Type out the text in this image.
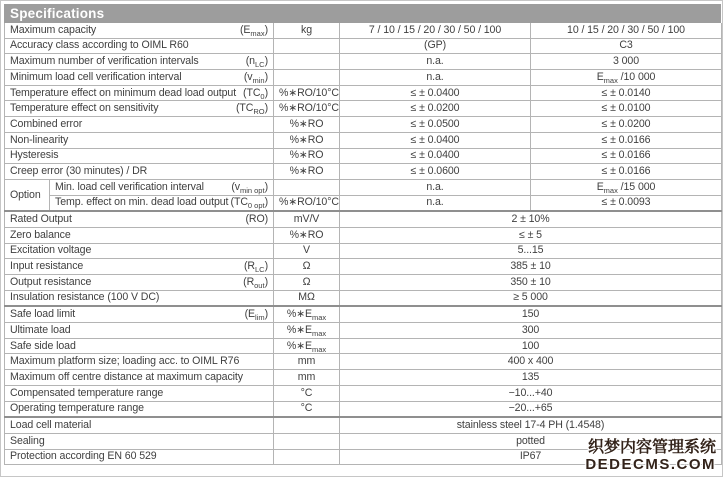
Specifications
Maximum capacity $(E_{max})$		kg	7 / 10 / 15 / 20 / 30 / 50 / 100	10 / 15 / 20 / 30 / 50 / 100

Accuracy class according to OIML R60			(GP)	C3

Maximum number of verification intervals $(n_{LC})$			n.a.	3 000

Minimum load cell verification interval $(v_{min})$			n.a.	$E_{max}$ /10 000

Temperature effect on minimum dead load output $(TC_0)$		%∗RO/10°C	≤ ± 0.0400	≤ ± 0.0140

Temperature effect on sensitivity $(TC_{RO})$		%∗RO/10°C	≤ ± 0.0200	≤ ± 0.0100

Combined error		%∗RO	≤ ± 0.0500	≤ ± 0.0200

Non-linearity		%∗RO	≤ ± 0.0400	≤ ± 0.0166

Hysteresis		%∗RO	≤ ± 0.0400	≤ ± 0.0166

Creep error (30 minutes) / DR		%∗RO	≤ ± 0.0600	≤ ± 0.0166
Option	Min. load cell verification interval $(v_{min opt})$		n.a.	$E_{max}$ /15 000

	Temp. effect on min. dead load output $(TC_{0 opt})$	%∗RO/10°C	n.a.	≤ ± 0.0093

Rated Output (RO)		mV/V	2 ± 10%	

Zero balance		%∗RO	≤ ± 5	

Excitation voltage		V	5...15	

Input resistance $(R_{LC})$		Ω	385 ± 10	

Output resistance $(R_{out})$		Ω	350 ± 10	

Insulation resistance (100 V DC)		MΩ	≥ 5 000	

Safe load limit $(E_{lim})$		$\%∗E_{max}$	150	

Ultimate load		$\%∗E_{max}$	300	

Safe side load		$\%∗E_{max}$	100	

Maximum platform size; loading acc. to OIML R76		mm	400 x 400	

Maximum off centre distance at maximum capacity		mm	135	

Compensated temperature range		°C	−10...+40	

Operating temperature range		°C	−20...+65	

Load cell material			stainless steel 17-4 PH (1.4548)	

Sealing			potted	

Protection according EN 60 529			IP67		织梦内容管理系统
DEDECMS.COM
